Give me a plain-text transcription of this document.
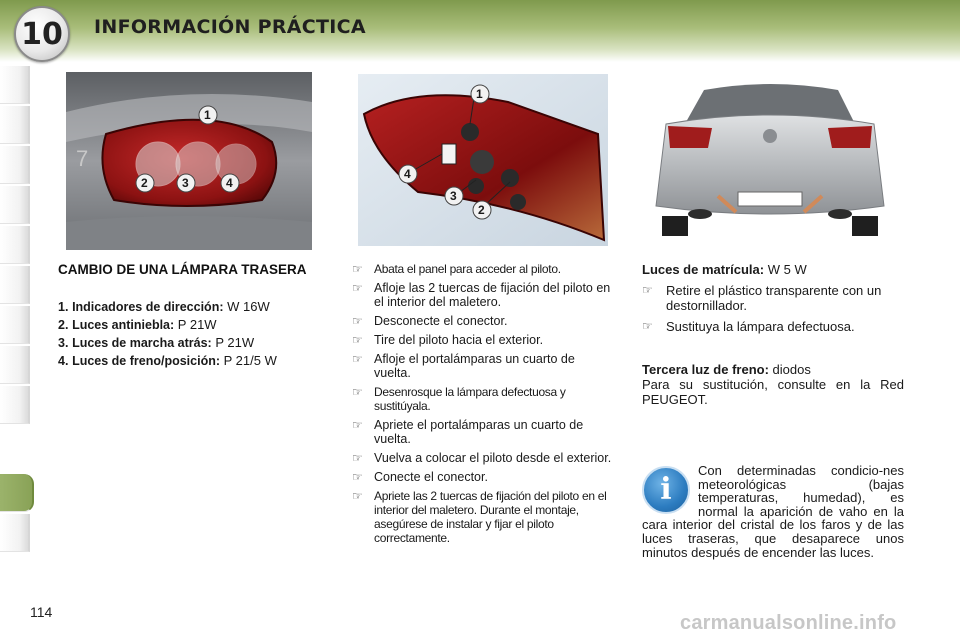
10	INFORMACIÓN PRÁCTICA
7
1
2	3	4
1
4
3
2
CAMBIO DE UNA LÁMPARA TRASERA
1. Indicadores de dirección: W 16W
2. Luces antiniebla: P 21W
3. Luces de marcha atrás: P 21W
4. Luces de freno/posición: P 21/5 W
☞ Abata el panel para acceder al piloto.
☞ Afloje las 2 tuercas de fijación del piloto en el interior del maletero.
☞ Desconecte el conector.
☞ Tire del piloto hacia el exterior.
☞ Afloje el portalámparas un cuarto de vuelta.
☞ Desenrosque la lámpara defectuosa y sustitúyala.
☞ Apriete el portalámparas un cuarto de vuelta.
☞ Vuelva a colocar el piloto desde el exterior.
☞ Conecte el conector.
☞ Apriete las 2 tuercas de fijación del piloto en el interior del maletero. Durante el montaje, asegúrese de instalar y fijar el piloto correctamente.
Luces de matrícula: W 5 W
☞ Retire el plástico transparente con un destornillador.
☞ Sustituya la lámpara defectuosa.
Tercera luz de freno: diodos
Para su sustitución, consulte en la Red PEUGEOT.
i
Con determinadas condicio-nes meteorológicas (bajas temperaturas, humedad), es normal la aparición de vaho en la cara interior del cristal de los faros y de las luces traseras, que desaparece unos minutos después de encender las luces.
114	carmanualsonline.info
